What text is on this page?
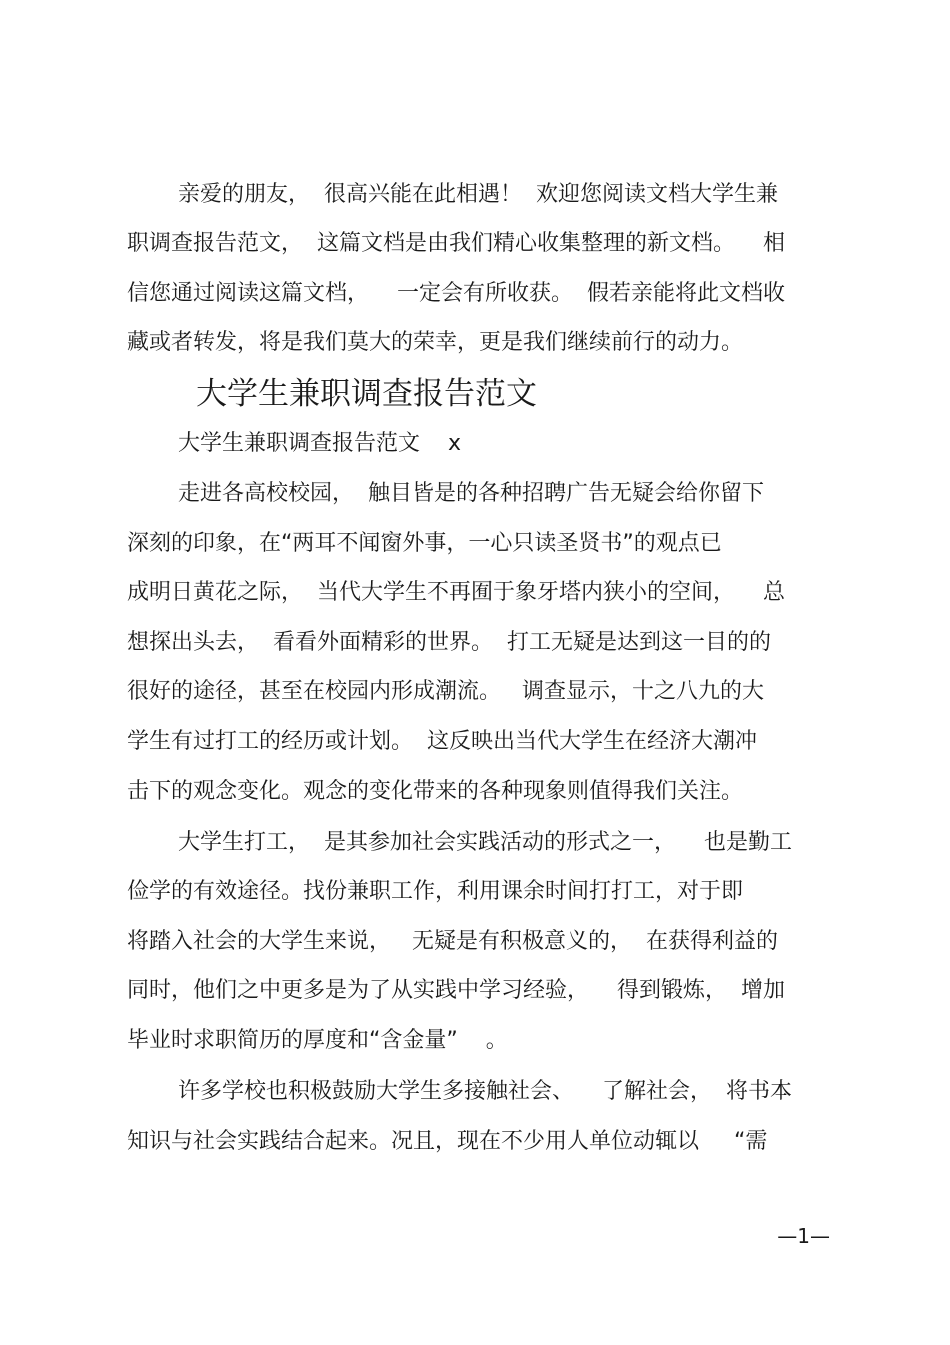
亲爱的朋友，  很高兴能在此相遇！  欢迎您阅读文档大学生兼
职调查报告范文，  这篇文档是由我们精心收集整理的新文档。    相
信您通过阅读这篇文档，    一定会有所收获。  假若亲能将此文档收
藏或者转发，将是我们莫大的荣幸，更是我们继续前行的动力。
大学生兼职调查报告范文
大学生兼职调查报告范文    x
走进各高校校园，  触目皆是的各种招聘广告无疑会给你留下
深刻的印象，在“两耳不闻窗外事，一心只读圣贤书”的观点已
成明日黄花之际，  当代大学生不再囿于象牙塔内狭小的空间，    总
想探出头去，  看看外面精彩的世界。  打工无疑是达到这一目的的
很好的途径，甚至在校园内形成潮流。   调查显示，十之八九的大
学生有过打工的经历或计划。  这反映出当代大学生在经济大潮冲
击下的观念变化。观念的变化带来的各种现象则值得我们关注。
大学生打工，  是其参加社会实践活动的形式之一，    也是勤工
俭学的有效途径。找份兼职工作，利用课余时间打打工，对于即
将踏入社会的大学生来说，   无疑是有积极意义的，  在获得利益的
同时，他们之中更多是为了从实践中学习经验，    得到锻炼，  增加
毕业时求职简历的厚度和“含金量”    。
许多学校也积极鼓励大学生多接触社会、    了解社会，  将书本
知识与社会实践结合起来。况且，现在不少用人单位动辄以     “需
—1—
